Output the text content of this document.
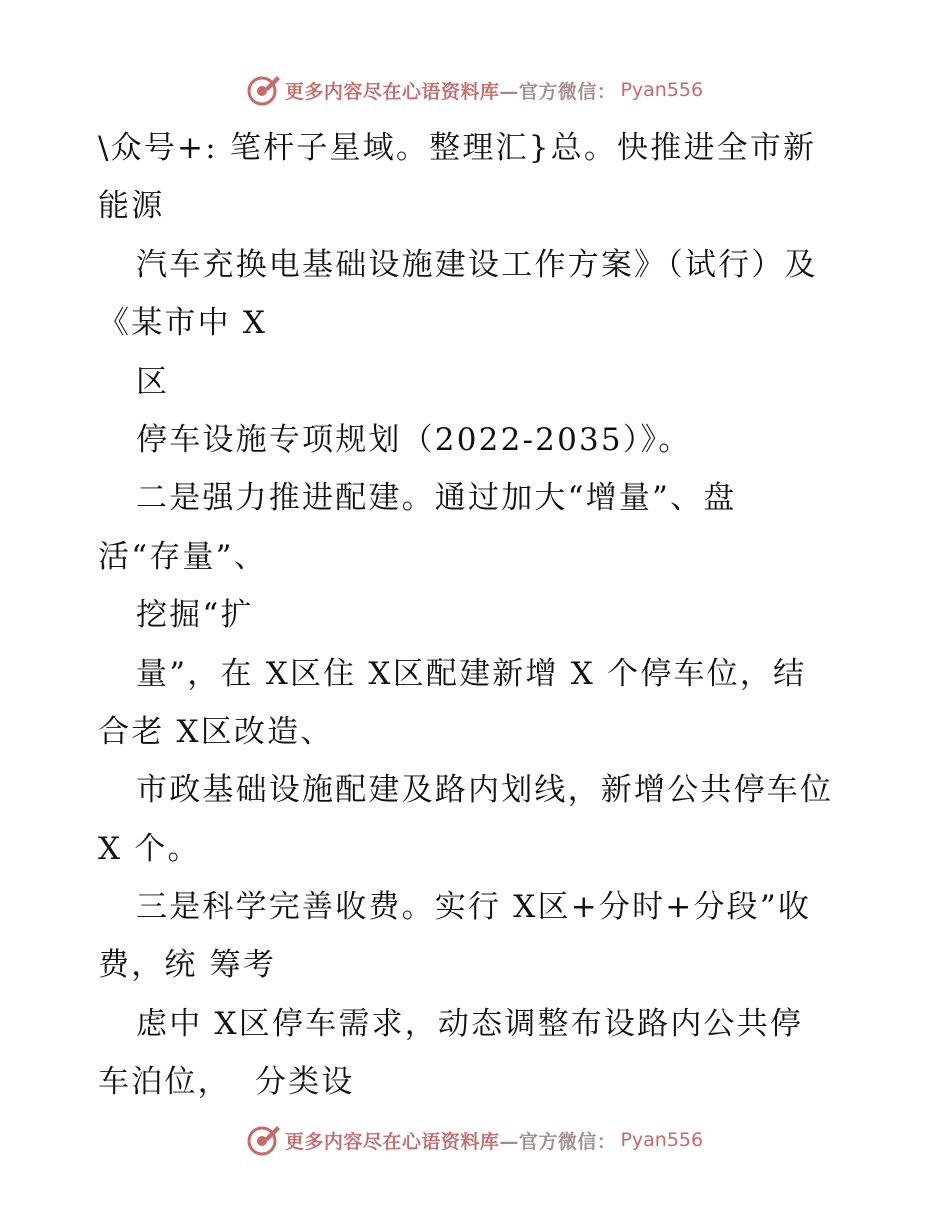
更多内容尽在心语资料库 —官方微信： Pyan556
\众号+: 笔杆子星域。整理汇}总。快推进全市新
能源
汽车充换电基础设施建设工作方案》（试行）及
《某市中 X
区
停车设施专项规划（2022-2035）》。
二是强力推进配建。通过加大“增量”、盘
活“存量”、
挖掘“扩
量”，在 X区住 X区配建新增 X 个停车位，结
合老 X区改造、
市政基础设施配建及路内划线，新增公共停车位
X 个。
三是科学完善收费。实行 X区+分时+分段”收
费，统 筹考
虑中 X区停车需求，动态调整布设路内公共停
车泊位，  分类设
更多内容尽在心语资料库 —官方微信： Pyan556
